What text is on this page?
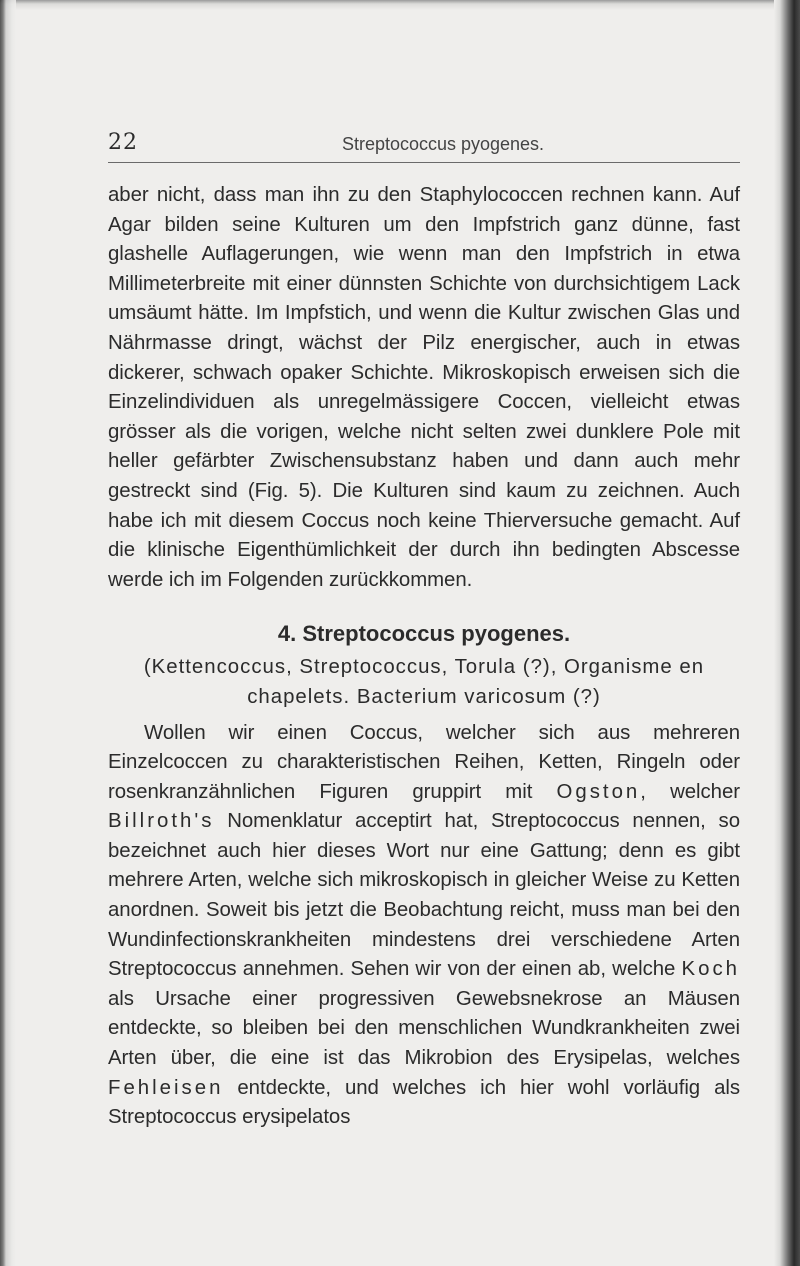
22	Streptococcus pyogenes.

aber nicht, dass man ihn zu den Staphylococcen rechnen kann. Auf Agar bilden seine Kulturen um den Impfstrich ganz dünne, fast glashelle Auflagerungen, wie wenn man den Impfstrich in etwa Millimeterbreite mit einer dünnsten Schichte von durchsichtigem Lack umsäumt hätte. Im Impfstich, und wenn die Kultur zwischen Glas und Nährmasse dringt, wächst der Pilz energischer, auch in etwas dickerer, schwach opaker Schichte. Mikroskopisch erweisen sich die Einzelindividuen als unregelmässigere Coccen, vielleicht etwas grösser als die vorigen, welche nicht selten zwei dunklere Pole mit heller gefärbter Zwischensubstanz haben und dann auch mehr gestreckt sind (Fig. 5). Die Kulturen sind kaum zu zeichnen. Auch habe ich mit diesem Coccus noch keine Thierversuche gemacht. Auf die klinische Eigenthümlichkeit der durch ihn bedingten Abscesse werde ich im Folgenden zurückkommen.

4. Streptococcus pyogenes.

(Kettencoccus, Streptococcus, Torula (?), Organisme en chapelets. Bacterium varicosum (?)

Wollen wir einen Coccus, welcher sich aus mehreren Einzelcoccen zu charakteristischen Reihen, Ketten, Ringeln oder rosenkranzähnlichen Figuren gruppirt mit Ogston, welcher Billroth's Nomenklatur acceptirt hat, Streptococcus nennen, so bezeichnet auch hier dieses Wort nur eine Gattung; denn es gibt mehrere Arten, welche sich mikroskopisch in gleicher Weise zu Ketten anordnen. Soweit bis jetzt die Beobachtung reicht, muss man bei den Wundinfectionskrankheiten mindestens drei verschiedene Arten Streptococcus annehmen. Sehen wir von der einen ab, welche Koch als Ursache einer progressiven Gewebsnekrose an Mäusen entdeckte, so bleiben bei den menschlichen Wundkrankheiten zwei Arten über, die eine ist das Mikrobion des Erysipelas, welches Fehleisen entdeckte, und welches ich hier wohl vorläufig als Streptococcus erysipelatos
